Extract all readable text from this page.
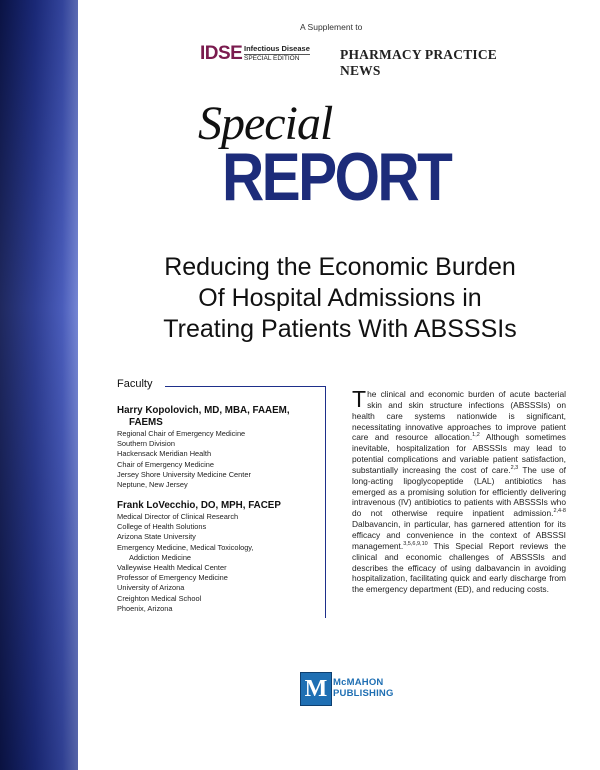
A Supplement to
IDSE Infectious Disease
SPECIAL EDITION	PHARMACY PRACTICE NEWS
Special
REPORT
Reducing the Economic Burden
Of Hospital Admissions in
Treating Patients With ABSSSIs
Faculty
Harry Kopolovich, MD, MBA, FAAEM,
FAEMS
Regional Chair of Emergency Medicine
Southern Division
Hackensack Meridian Health
Chair of Emergency Medicine
Jersey Shore University Medicine Center
Neptune, New Jersey
Frank LoVecchio, DO, MPH, FACEP
Medical Director of Clinical Research
College of Health Solutions
Arizona State University
Emergency Medicine, Medical Toxicology,
Addiction Medicine
Valleywise Health Medical Center
Professor of Emergency Medicine
University of Arizona
Creighton Medical School
Phoenix, Arizona
The clinical and economic burden of acute bacterial skin and skin structure infections (ABSSSIs) on health care systems nationwide is significant, necessitating innovative approaches to improve patient care and resource allocation.$^{1,2}$ Although sometimes inevitable, hospitalization for ABSSSIs may lead to potential complications and variable patient satisfaction, substantially increasing the cost of care.$^{2,3}$ The use of long-acting lipoglycopeptide (LAL) antibiotics has emerged as a promising solution for efficiently delivering intravenous (IV) antibiotics to patients with ABSSSIs who do not otherwise require inpatient admission.$^{2,4-8}$ Dalbavancin, in particular, has garnered attention for its efficacy and convenience in the context of ABSSSI management.$^{3,5,6,9,10}$ This Special Report reviews the clinical and economic challenges of ABSSSIs and describes the efficacy of using dalbavancin in avoiding hospitalization, facilitating quick and early discharge from the emergency department (ED), and reducing costs.
M McMAHON
PUBLISHING
